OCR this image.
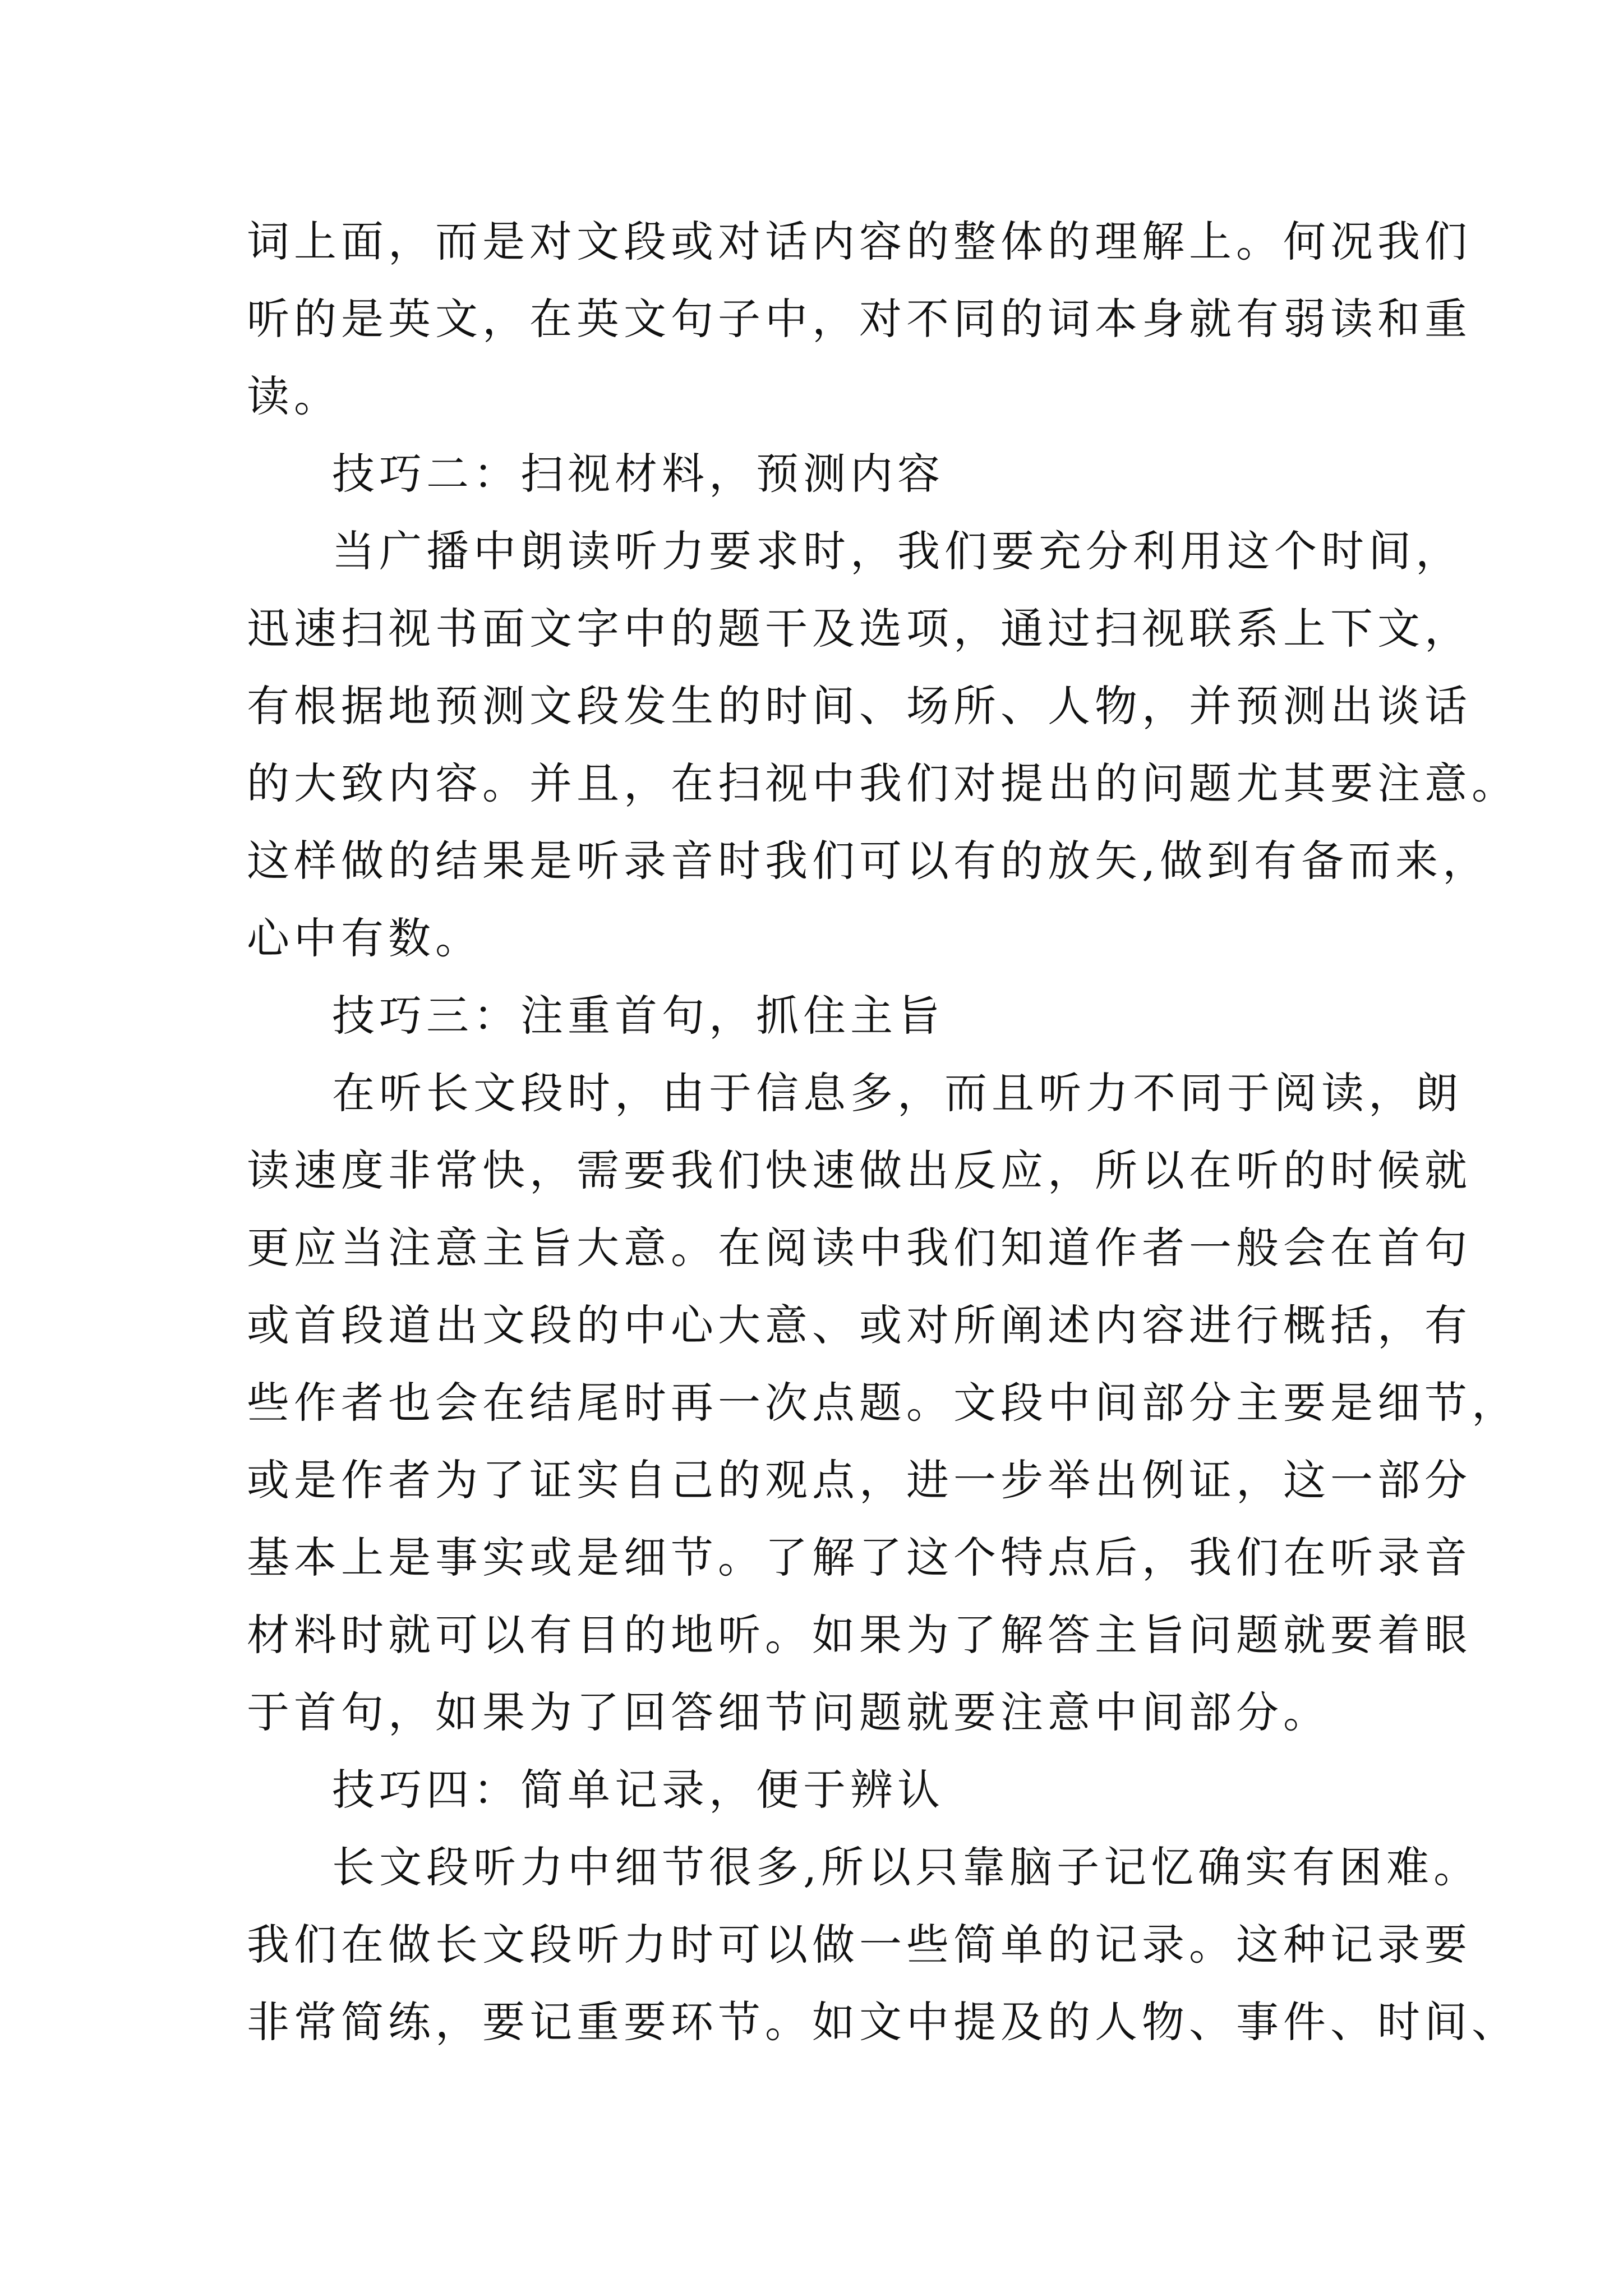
词上面，而是对文段或对话内容的整体的理解上。何况我们
听的是英文，在英文句子中，对不同的词本身就有弱读和重
读。
技巧二：扫视材料，预测内容
当广播中朗读听力要求时，我们要充分利用这个时间，
迅速扫视书面文字中的题干及选项，通过扫视联系上下文，
有根据地预测文段发生的时间、场所、人物，并预测出谈话
的大致内容。并且，在扫视中我们对提出的问题尤其要注意。
这样做的结果是听录音时我们可以有的放矢,做到有备而来，
心中有数。
技巧三：注重首句，抓住主旨
在听长文段时，由于信息多，而且听力不同于阅读，朗
读速度非常快，需要我们快速做出反应，所以在听的时候就
更应当注意主旨大意。在阅读中我们知道作者一般会在首句
或首段道出文段的中心大意、或对所阐述内容进行概括，有
些作者也会在结尾时再一次点题。文段中间部分主要是细节，
或是作者为了证实自己的观点，进一步举出例证，这一部分
基本上是事实或是细节。了解了这个特点后，我们在听录音
材料时就可以有目的地听。如果为了解答主旨问题就要着眼
于首句，如果为了回答细节问题就要注意中间部分。
技巧四：简单记录，便于辨认
长文段听力中细节很多,所以只靠脑子记忆确实有困难。
我们在做长文段听力时可以做一些简单的记录。这种记录要
非常简练，要记重要环节。如文中提及的人物、事件、时间、
